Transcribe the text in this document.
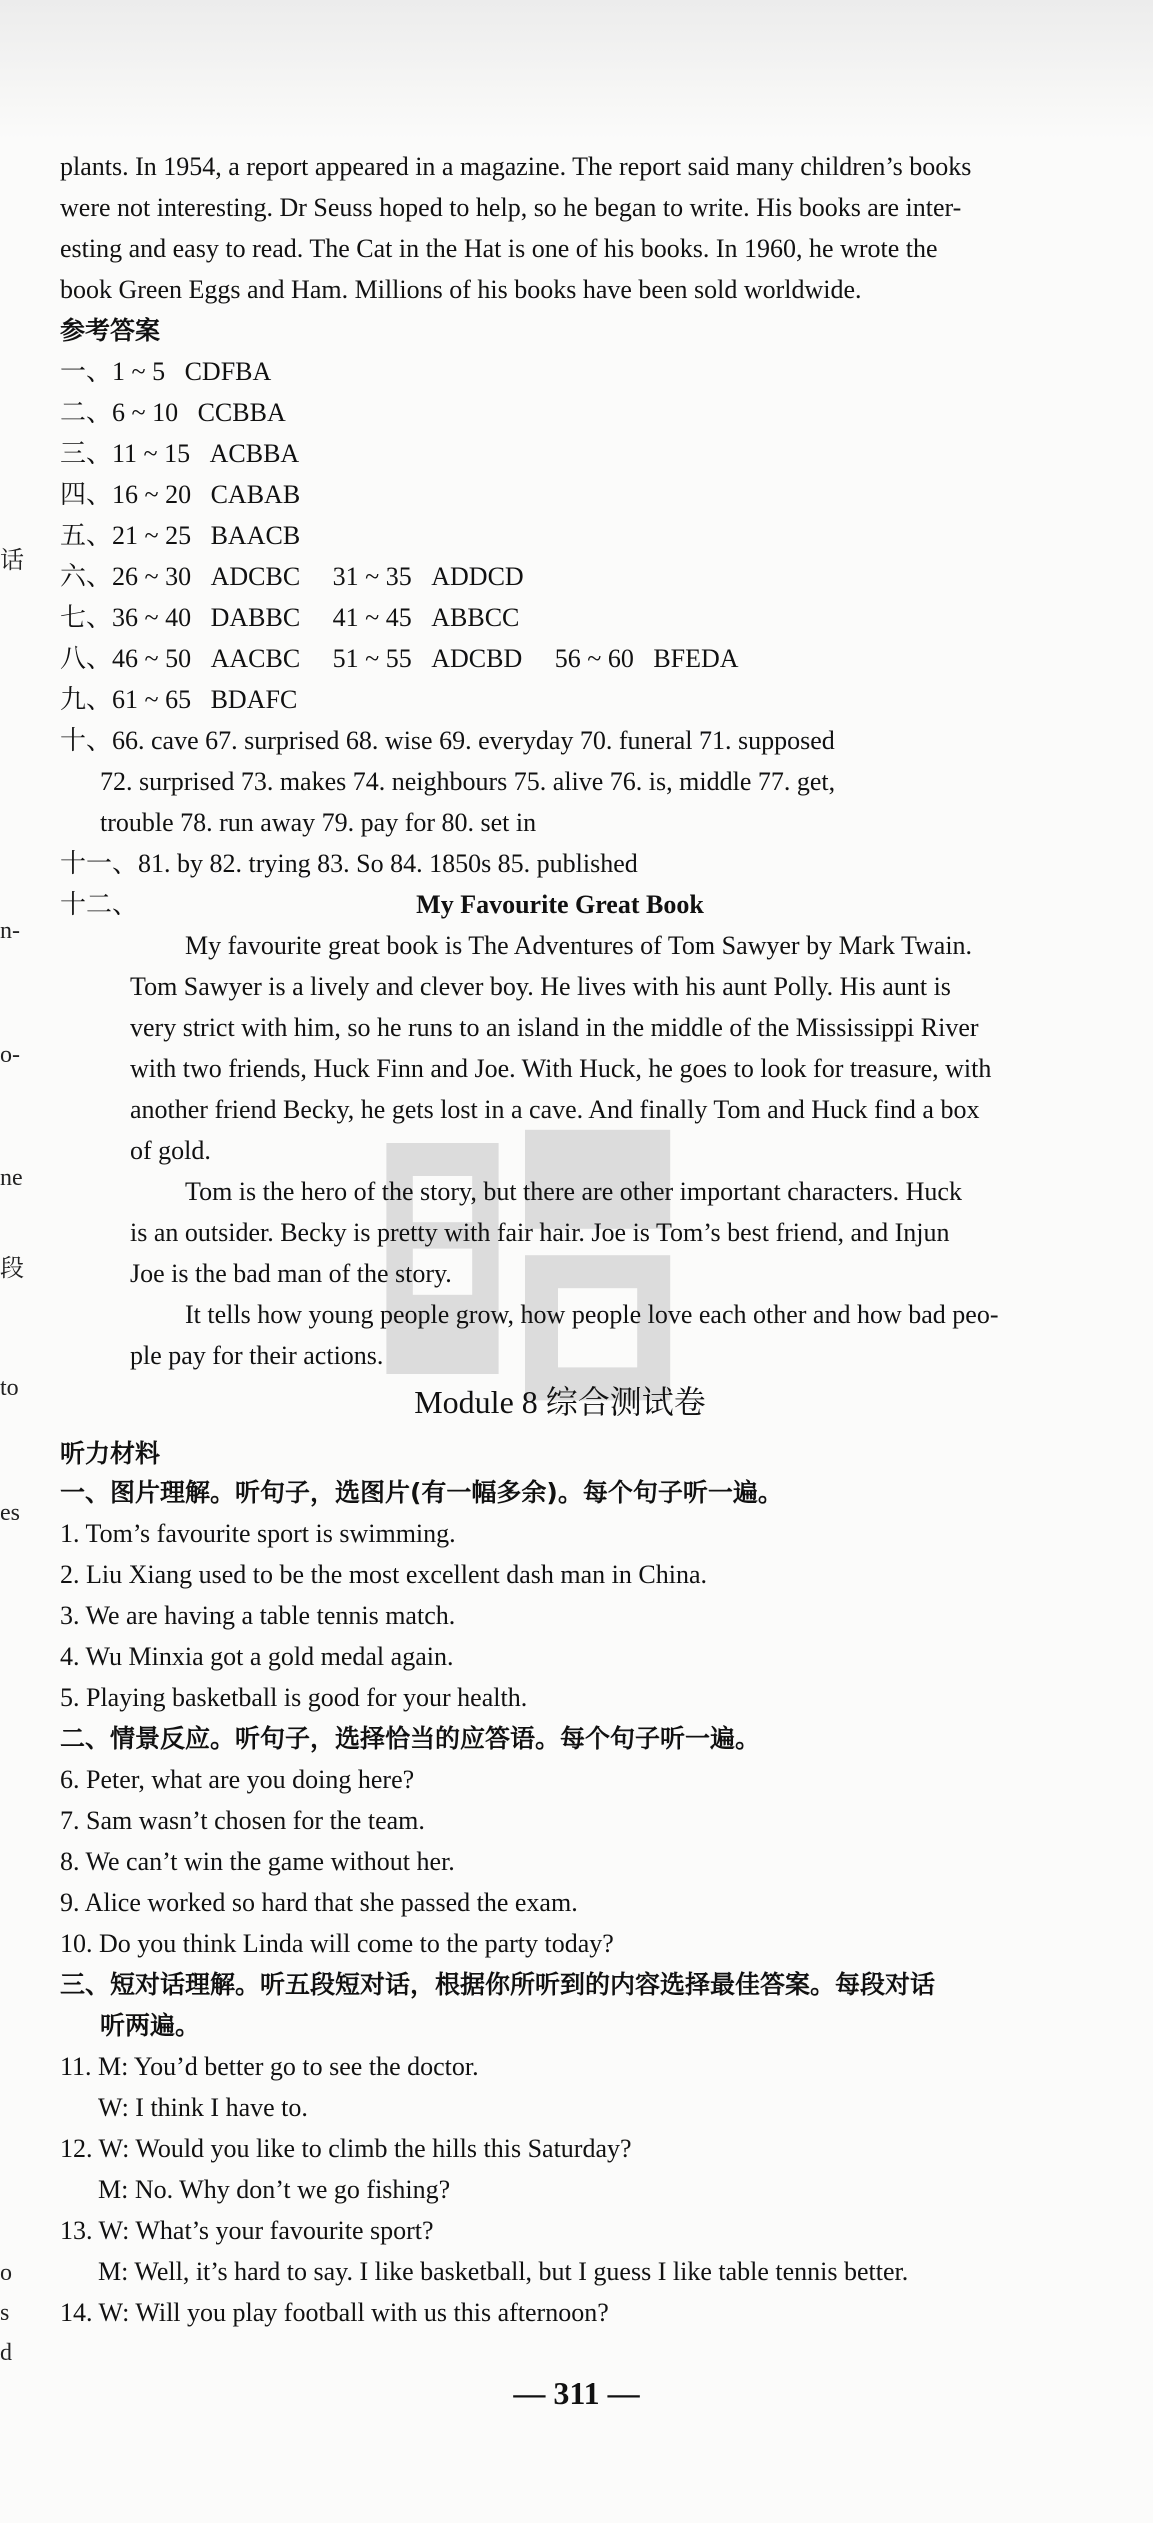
话
n-
o-
ne
段
to
es
o
s
d
plants. In 1954, a report appeared in a magazine. The report said many children’s books
were not interesting. Dr Seuss hoped to help, so he began to write. His books are inter-
esting and easy to read. The Cat in the Hat is one of his books. In 1960, he wrote the
book Green Eggs and Ham. Millions of his books have been sold worldwide.
参考答案
一、1 ~ 5 CDFBA
二、6 ~ 10 CCBBA
三、11 ~ 15 ACBBA
四、16 ~ 20 CABAB
五、21 ~ 25 BAACB
六、26 ~ 30 ADCBC 31 ~ 35 ADDCD
七、36 ~ 40 DABBC 41 ~ 45 ABBCC
八、46 ~ 50 AACBC 51 ~ 55 ADCBD 56 ~ 60 BFEDA
九、61 ~ 65 BDAFC
十、66. cave 67. surprised 68. wise 69. everyday 70. funeral 71. supposed
72. surprised 73. makes 74. neighbours 75. alive 76. is, middle 77. get,
trouble 78. run away 79. pay for 80. set in
十一、81. by 82. trying 83. So 84. 1850s 85. published
十二、	My Favourite Great Book
My favourite great book is The Adventures of Tom Sawyer by Mark Twain.
Tom Sawyer is a lively and clever boy. He lives with his aunt Polly. His aunt is
very strict with him, so he runs to an island in the middle of the Mississippi River
with two friends, Huck Finn and Joe. With Huck, he goes to look for treasure, with
another friend Becky, he gets lost in a cave. And finally Tom and Huck find a box
of gold.
Tom is the hero of the story, but there are other important characters. Huck
is an outsider. Becky is pretty with fair hair. Joe is Tom’s best friend, and Injun
Joe is the bad man of the story.
It tells how young people grow, how people love each other and how bad peo-
ple pay for their actions.
Module 8 综合测试卷
听力材料
一、图片理解。听句子，选图片(有一幅多余)。每个句子听一遍。
1. Tom’s favourite sport is swimming.
2. Liu Xiang used to be the most excellent dash man in China.
3. We are having a table tennis match.
4. Wu Minxia got a gold medal again.
5. Playing basketball is good for your health.
二、情景反应。听句子，选择恰当的应答语。每个句子听一遍。
6. Peter, what are you doing here?
7. Sam wasn’t chosen for the team.
8. We can’t win the game without her.
9. Alice worked so hard that she passed the exam.
10. Do you think Linda will come to the party today?
三、短对话理解。听五段短对话，根据你所听到的内容选择最佳答案。每段对话
听两遍。
11. M: You’d better go to see the doctor.
W: I think I have to.
12. W: Would you like to climb the hills this Saturday?
M: No. Why don’t we go fishing?
13. W: What’s your favourite sport?
M: Well, it’s hard to say. I like basketball, but I guess I like table tennis better.
14. W: Will you play football with us this afternoon?
— 311 —
